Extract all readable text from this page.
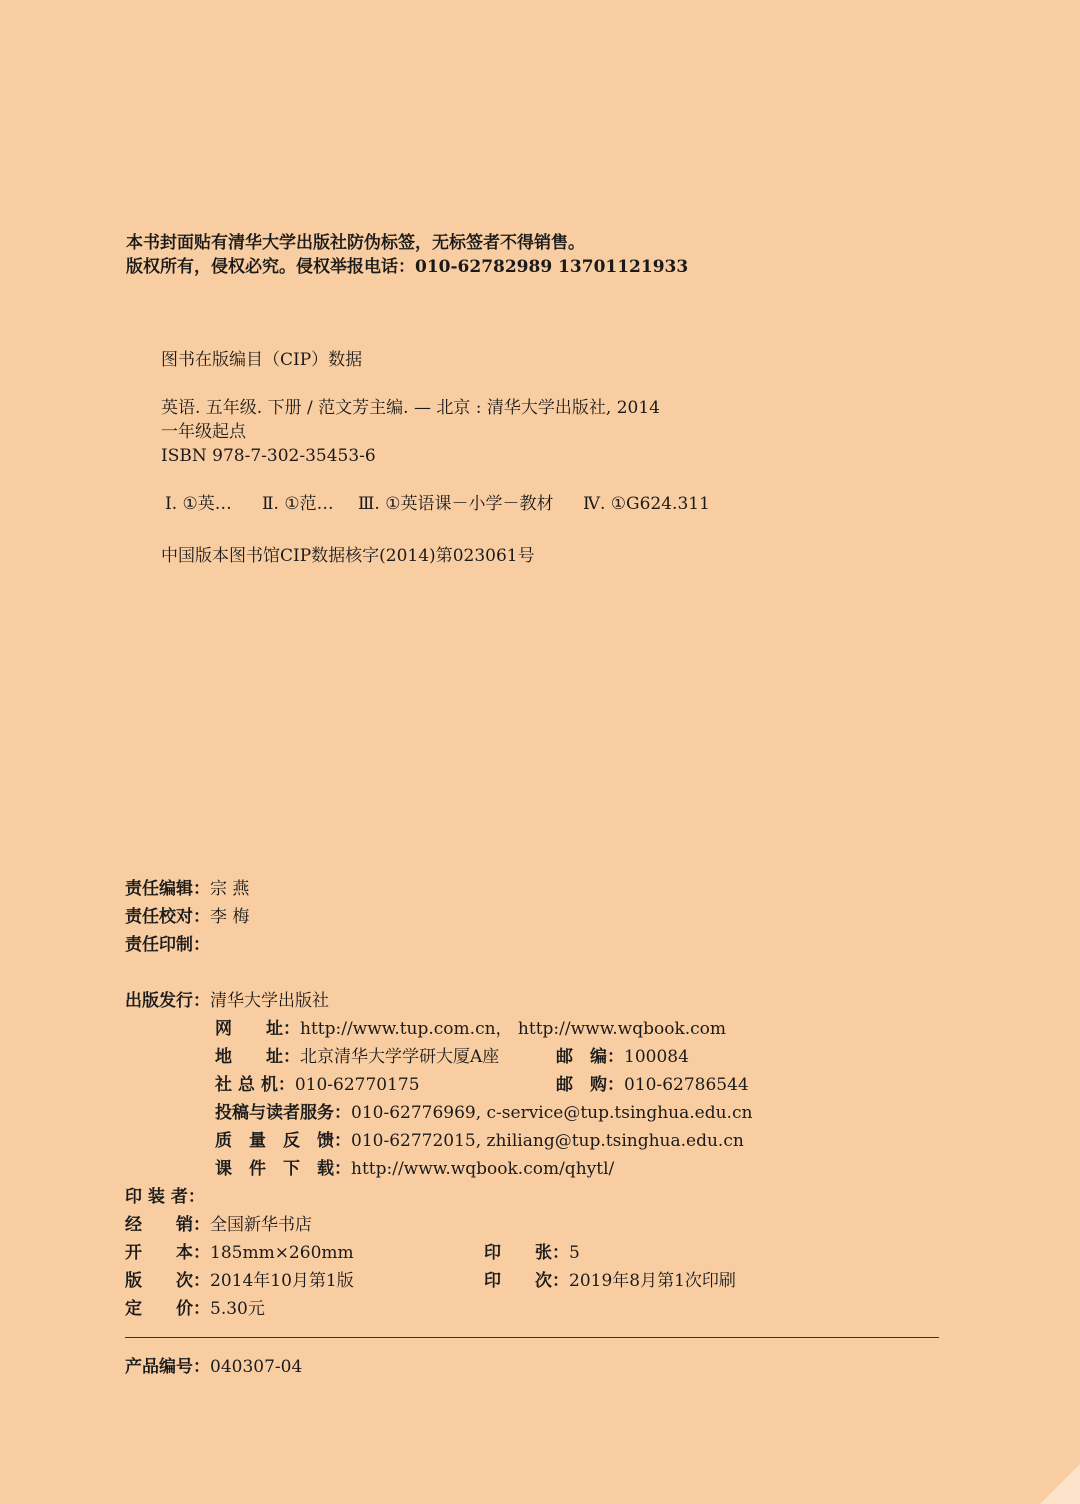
本书封面贴有清华大学出版社防伪标签，无标签者不得销售。
版权所有，侵权必究。侵权举报电话：010-62782989 13701121933
图书在版编目（CIP）数据
英语. 五年级. 下册 / 范文芳主编. — 北京 : 清华大学出版社, 2014
一年级起点
ISBN 978-7-302-35453-6
Ⅰ. ①英… Ⅱ. ①范… Ⅲ. ①英语课－小学－教材 Ⅳ. ①G624.311
中国版本图书馆CIP数据核字(2014)第023061号
责任编辑：宗 燕
责任校对：李 梅
责任印制：
出版发行：清华大学出版社
网　　址：http://www.tup.com.cn， http://www.wqbook.com
地　　址：北京清华大学学研大厦A座	邮　编：100084
社 总 机：010-62770175	邮　购：010-62786544
投稿与读者服务：010-62776969, c-service@tup.tsinghua.edu.cn
质　量　反　馈：010-62772015, zhiliang@tup.tsinghua.edu.cn
课　件　下　载：http://www.wqbook.com/qhytl/
印 装 者：
经　　销：全国新华书店
开　　本：185mm×260mm	印　　张：5
版　　次：2014年10月第1版	印　　次：2019年8月第1次印刷
定　　价：5.30元
产品编号：040307-04
